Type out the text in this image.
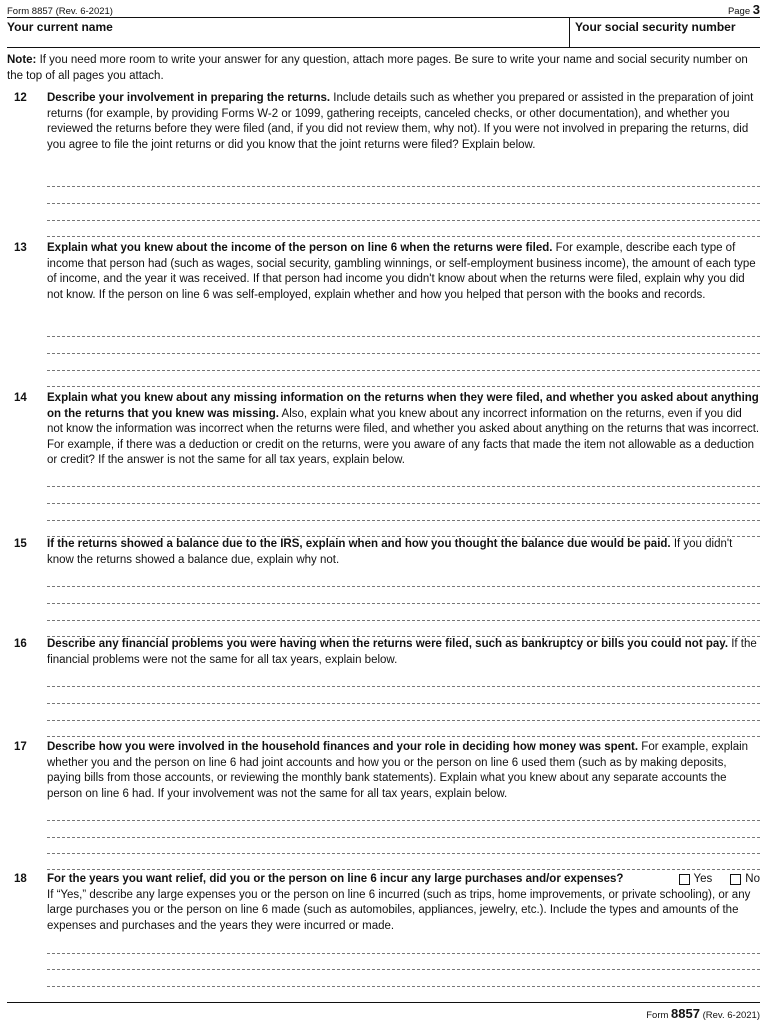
Form 8857 (Rev. 6-2021)	Page 3
Your current name	Your social security number
Note: If you need more room to write your answer for any question, attach more pages. Be sure to write your name and social security number on the top of all pages you attach.
12 Describe your involvement in preparing the returns. Include details such as whether you prepared or assisted in the preparation of joint returns (for example, by providing Forms W-2 or 1099, gathering receipts, canceled checks, or other documentation), and whether you reviewed the returns before they were filed (and, if you did not review them, why not). If you were not involved in preparing the returns, did you agree to file the joint returns or did you know that the joint returns were filed? Explain below.
13 Explain what you knew about the income of the person on line 6 when the returns were filed. For example, describe each type of income that person had (such as wages, social security, gambling winnings, or self-employment business income), the amount of each type of income, and the year it was received. If that person had income you didn't know about when the returns were filed, explain why you did not know. If the person on line 6 was self-employed, explain whether and how you helped that person with the books and records.
14 Explain what you knew about any missing information on the returns when they were filed, and whether you asked about anything on the returns that you knew was missing. Also, explain what you knew about any incorrect information on the returns, even if you did not know the information was incorrect when the returns were filed, and whether you asked about anything on the returns that was incorrect. For example, if there was a deduction or credit on the returns, were you aware of any facts that made the item not allowable as a deduction or credit? If the answer is not the same for all tax years, explain below.
15 If the returns showed a balance due to the IRS, explain when and how you thought the balance due would be paid. If you didn't know the returns showed a balance due, explain why not.
16 Describe any financial problems you were having when the returns were filed, such as bankruptcy or bills you could not pay. If the financial problems were not the same for all tax years, explain below.
17 Describe how you were involved in the household finances and your role in deciding how money was spent. For example, explain whether you and the person on line 6 had joint accounts and how you or the person on line 6 used them (such as by making deposits, paying bills from those accounts, or reviewing the monthly bank statements). Explain what you knew about any separate accounts the person on line 6 had. If your involvement was not the same for all tax years, explain below.
18 For the years you want relief, did you or the person on line 6 incur any large purchases and/or expenses?	Yes	No
If “Yes,” describe any large expenses you or the person on line 6 incurred (such as trips, home improvements, or private schooling), or any large purchases you or the person on line 6 made (such as automobiles, appliances, jewelry, etc.). Include the types and amounts of the expenses and purchases and the years they were incurred or made.
Form 8857 (Rev. 6-2021)
